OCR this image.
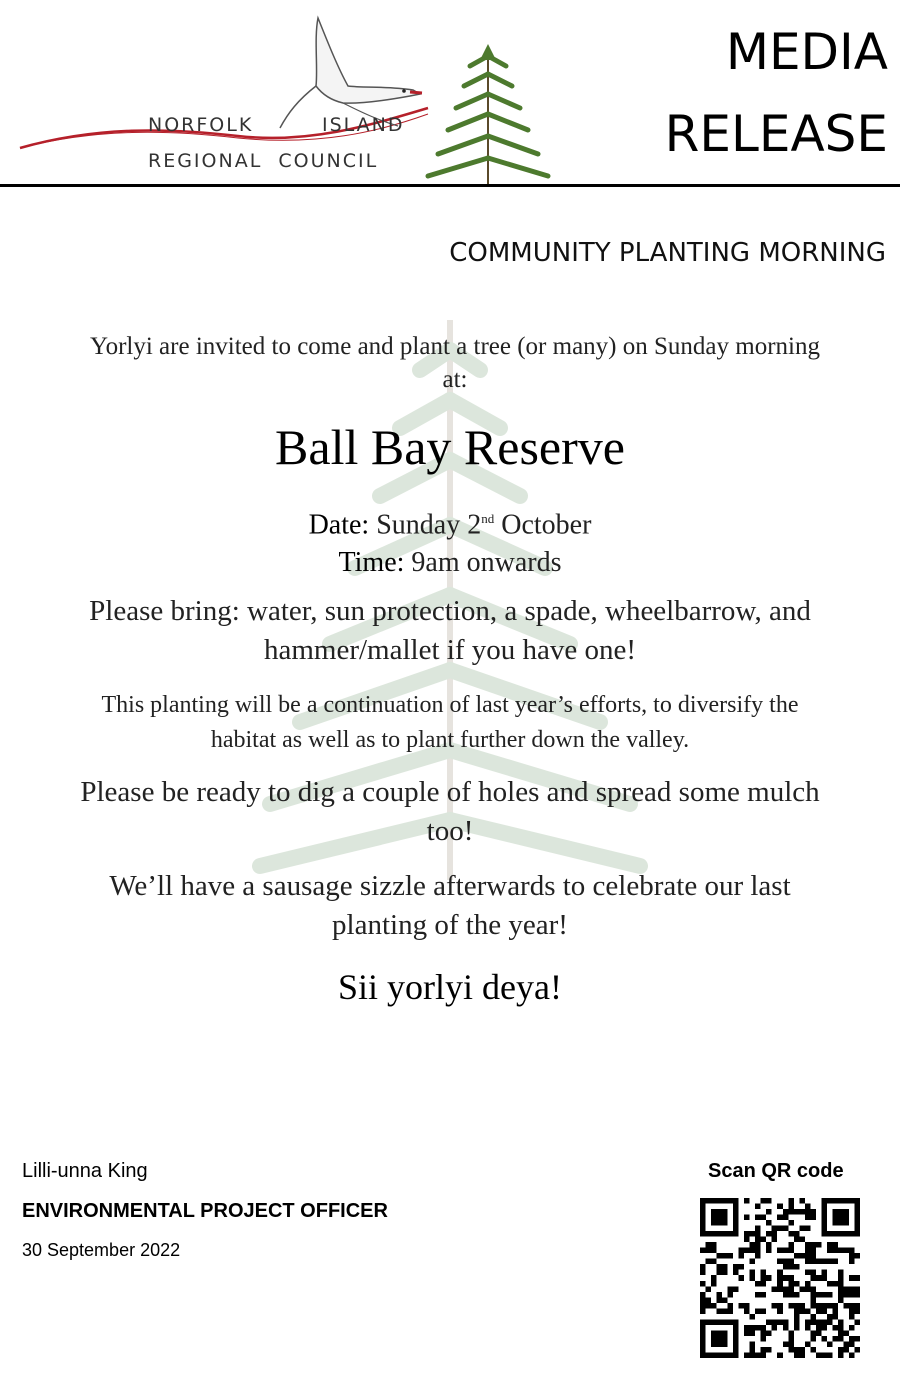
NORFOLK	ISLAND
REGIONAL  COUNCIL
MEDIA
RELEASE
COMMUNITY PLANTING MORNING
Yorlyi are invited to come and plant a tree (or many) on Sunday morning at:
Ball Bay Reserve
Date: Sunday 2nd October
Time: 9am onwards
Please bring: water, sun protection, a spade, wheelbarrow, and hammer/mallet if you have one!
This planting will be a continuation of last year’s efforts, to diversify the habitat as well as to plant further down the valley.
Please be ready to dig a couple of holes and spread some mulch too!
We’ll have a sausage sizzle afterwards to celebrate our last planting of the year!
Sii yorlyi deya!
Lilli-unna King
ENVIRONMENTAL PROJECT OFFICER
30 September 2022
Scan QR code
